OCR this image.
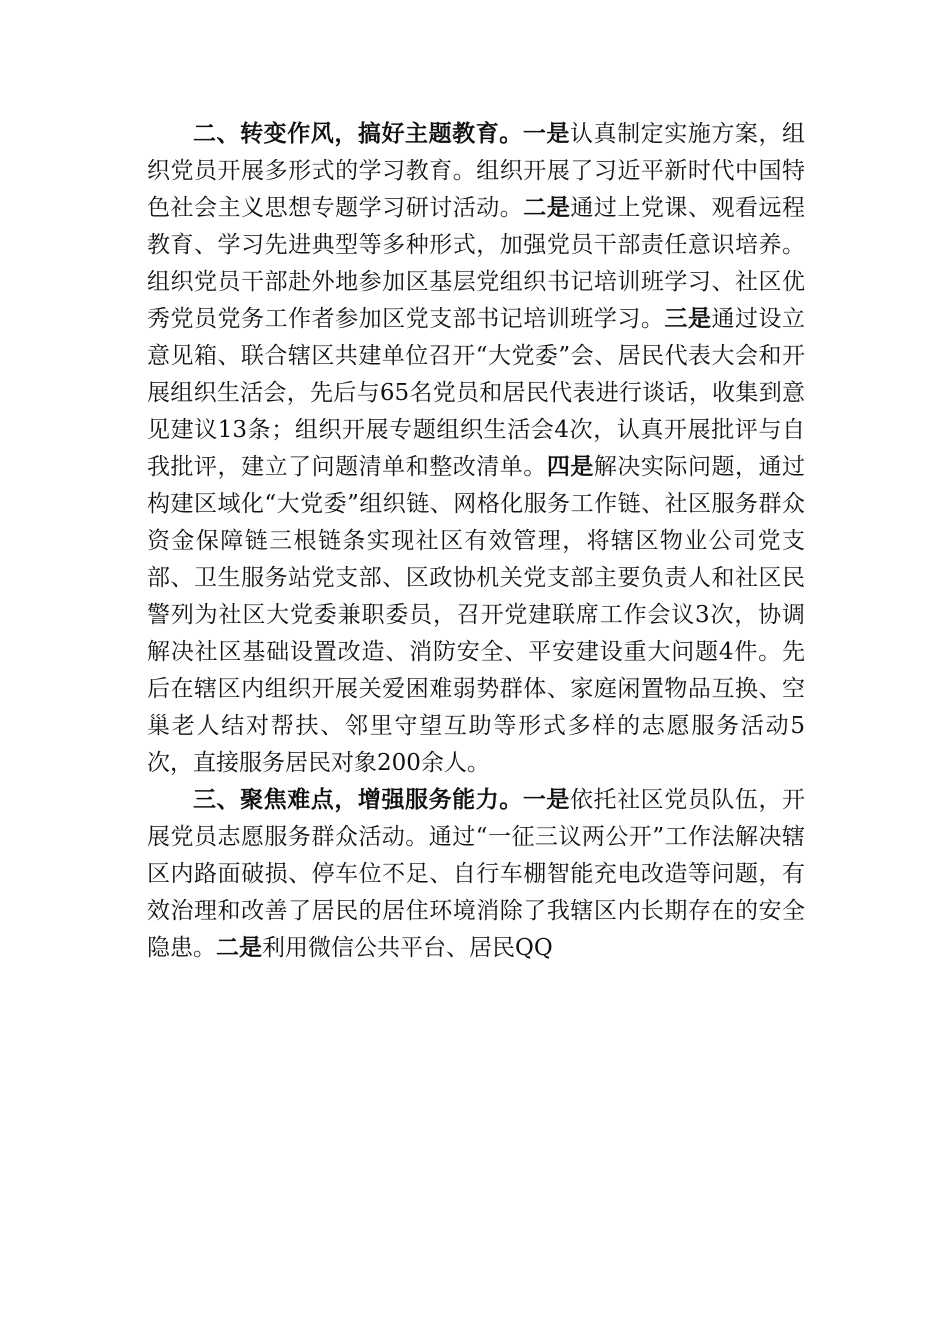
二、转变作风，搞好主题教育。一是认真制定实施方案，组织党员开展多形式的学习教育。组织开展了习近平新时代中国特色社会主义思想专题学习研讨活动。二是通过上党课、观看远程教育、学习先进典型等多种形式，加强党员干部责任意识培养。组织党员干部赴外地参加区基层党组织书记培训班学习、社区优秀党员党务工作者参加区党支部书记培训班学习。三是通过设立意见箱、联合辖区共建单位召开“大党委”会、居民代表大会和开展组织生活会，先后与65名党员和居民代表进行谈话，收集到意见建议13条；组织开展专题组织生活会4次，认真开展批评与自我批评，建立了问题清单和整改清单。四是解决实际问题，通过构建区域化“大党委”组织链、网格化服务工作链、社区服务群众资金保障链三根链条实现社区有效管理，将辖区物业公司党支部、卫生服务站党支部、区政协机关党支部主要负责人和社区民警列为社区大党委兼职委员，召开党建联席工作会议3次，协调解决社区基础设置改造、消防安全、平安建设重大问题4件。先后在辖区内组织开展关爱困难弱势群体、家庭闲置物品互换、空巢老人结对帮扶、邻里守望互助等形式多样的志愿服务活动5次，直接服务居民对象200余人。

三、聚焦难点，增强服务能力。一是依托社区党员队伍，开展党员志愿服务群众活动。通过“一征三议两公开”工作法解决辖区内路面破损、停车位不足、自行车棚智能充电改造等问题，有效治理和改善了居民的居住环境消除了我辖区内长期存在的安全隐患。二是利用微信公共平台、居民QQ
